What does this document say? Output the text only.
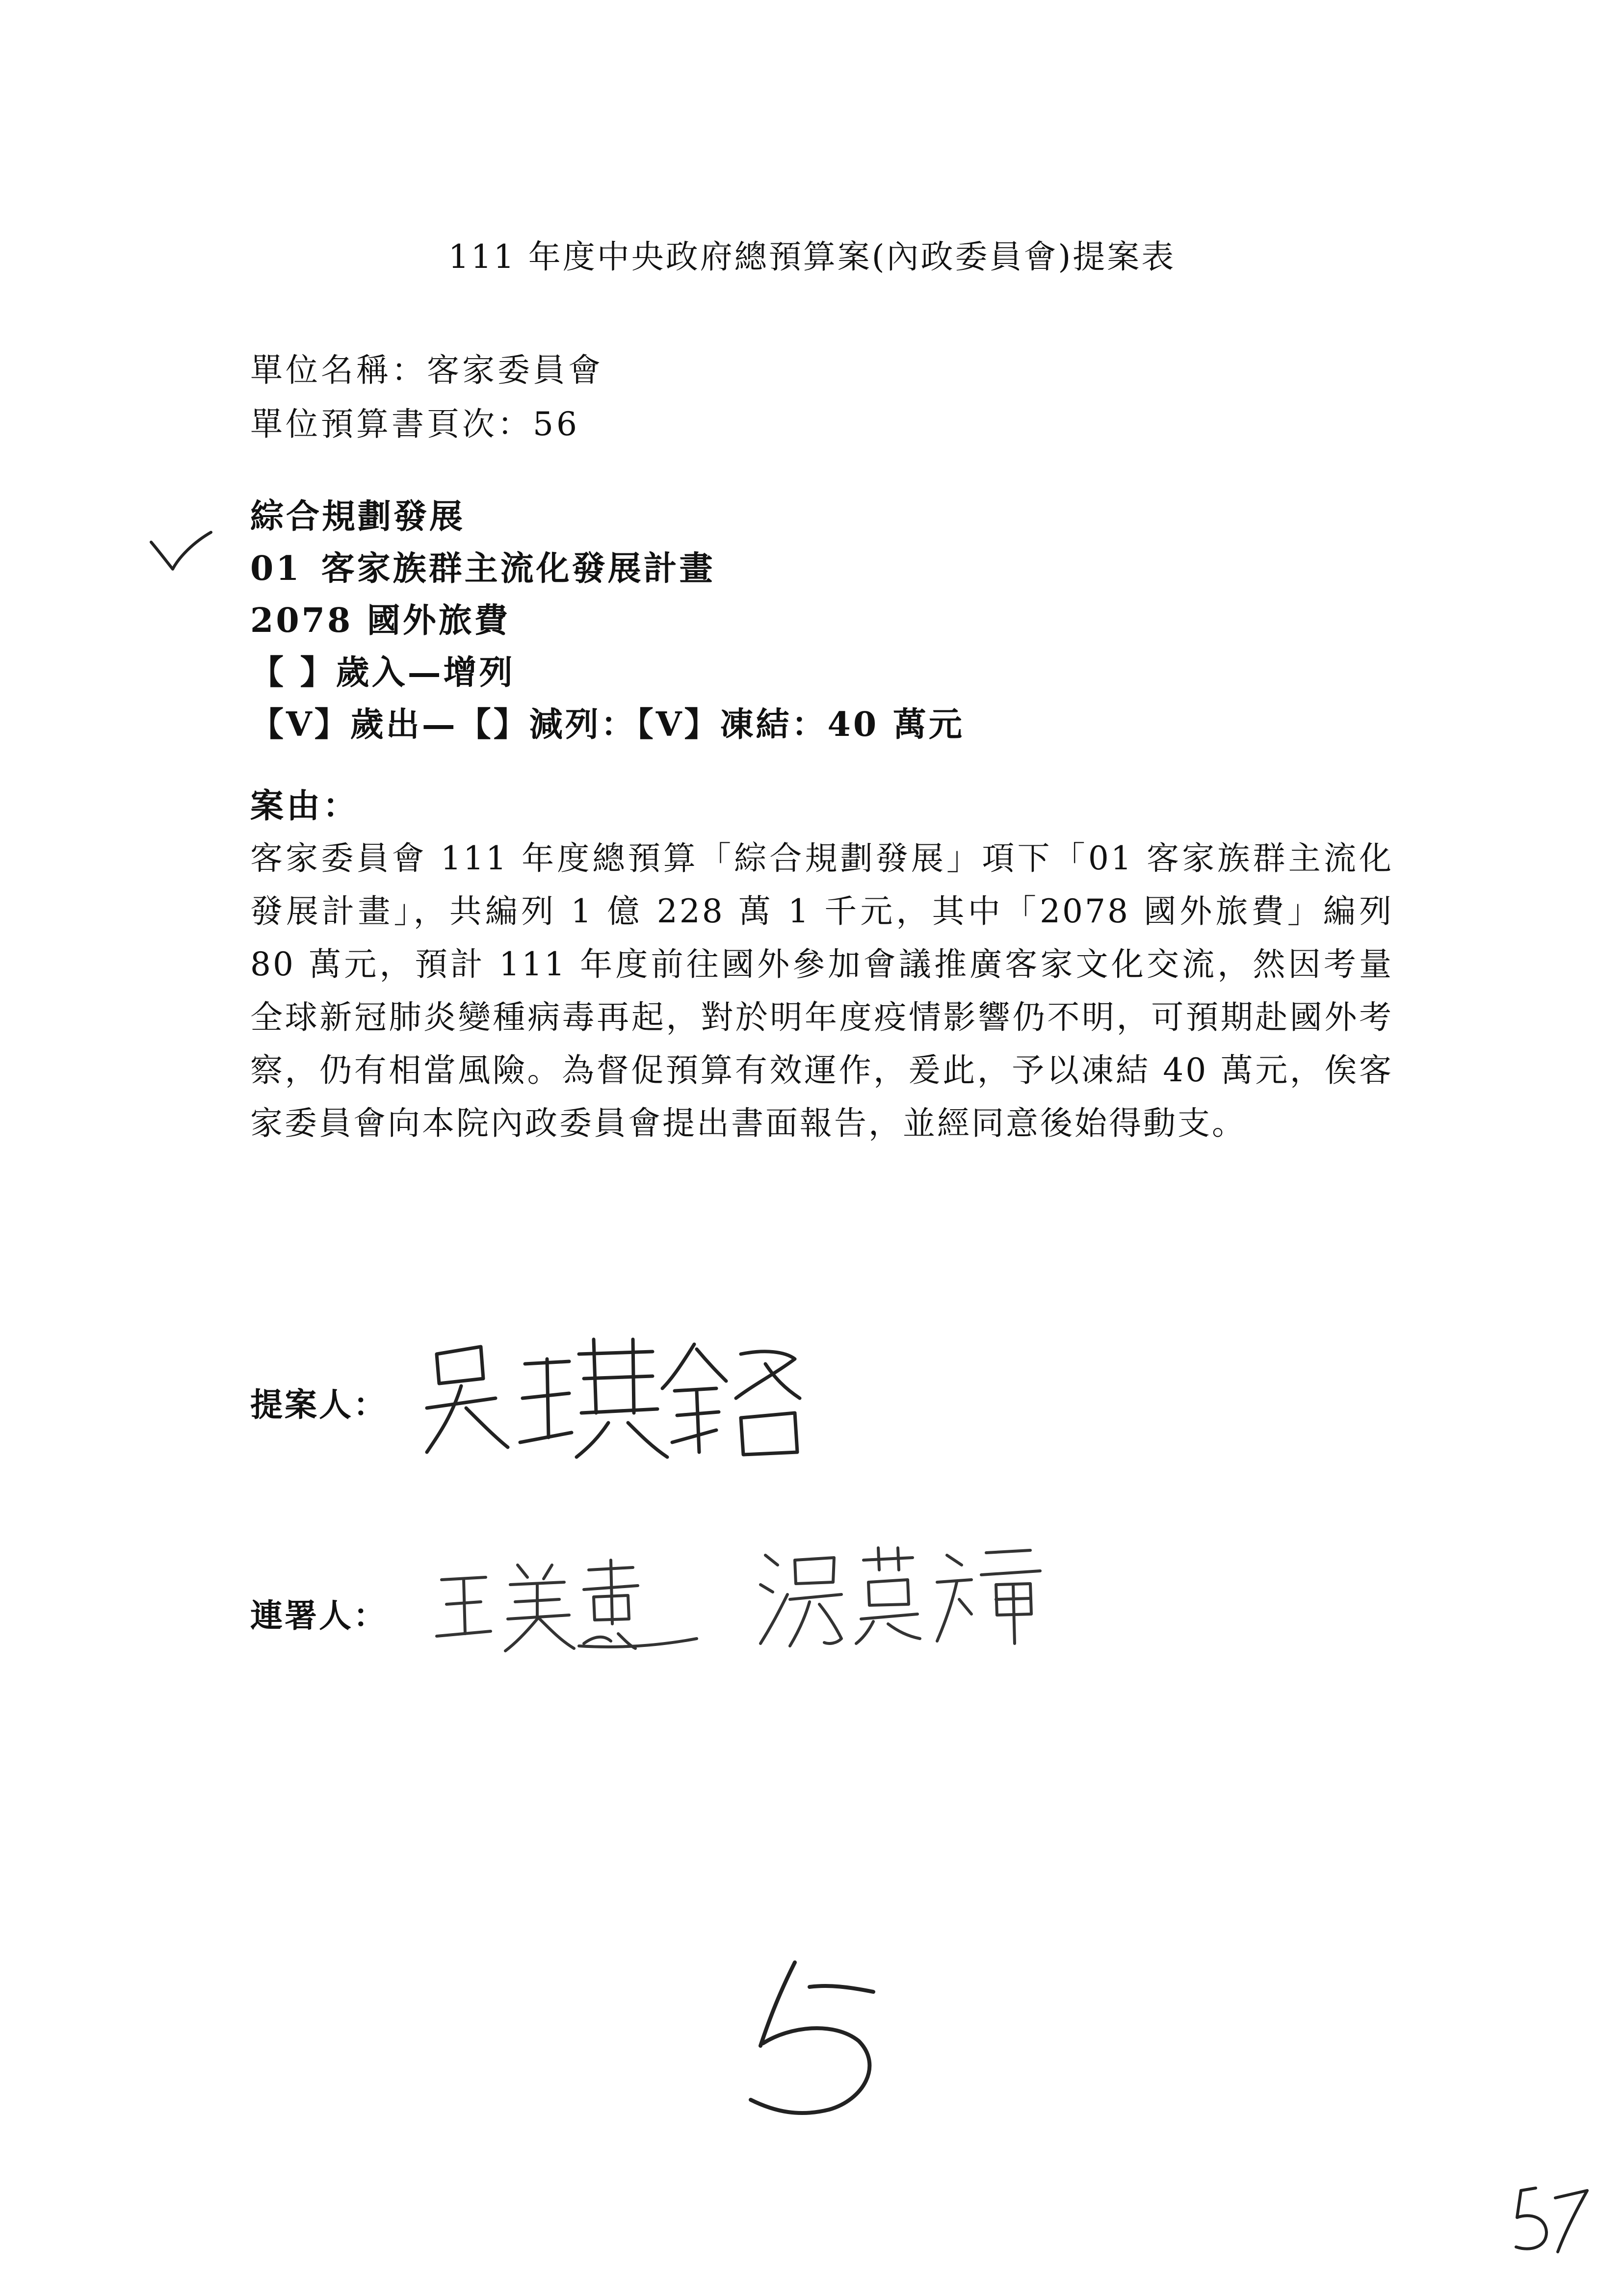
111 年度中央政府總預算案(內政委員會)提案表
單位名稱：客家委員會
單位預算書頁次：56
綜合規劃發展
01 客家族群主流化發展計畫
2078 國外旅費
【 】歲入—增列
【V】歲出—【】減列：【V】凍結：40 萬元
案由：
客家委員會 111 年度總預算「綜合規劃發展」項下「01 客家族群主流化發展計畫」，共編列 1 億 228 萬 1 千元，其中「2078 國外旅費」編列 80 萬元，預計 111 年度前往國外參加會議推廣客家文化交流，然因考量全球新冠肺炎變種病毒再起，對於明年度疫情影響仍不明，可預期赴國外考察，仍有相當風險。為督促預算有效運作，爰此，予以凍結 40 萬元，俟客家委員會向本院內政委員會提出書面報告，並經同意後始得動支。
提案人：
連署人：
